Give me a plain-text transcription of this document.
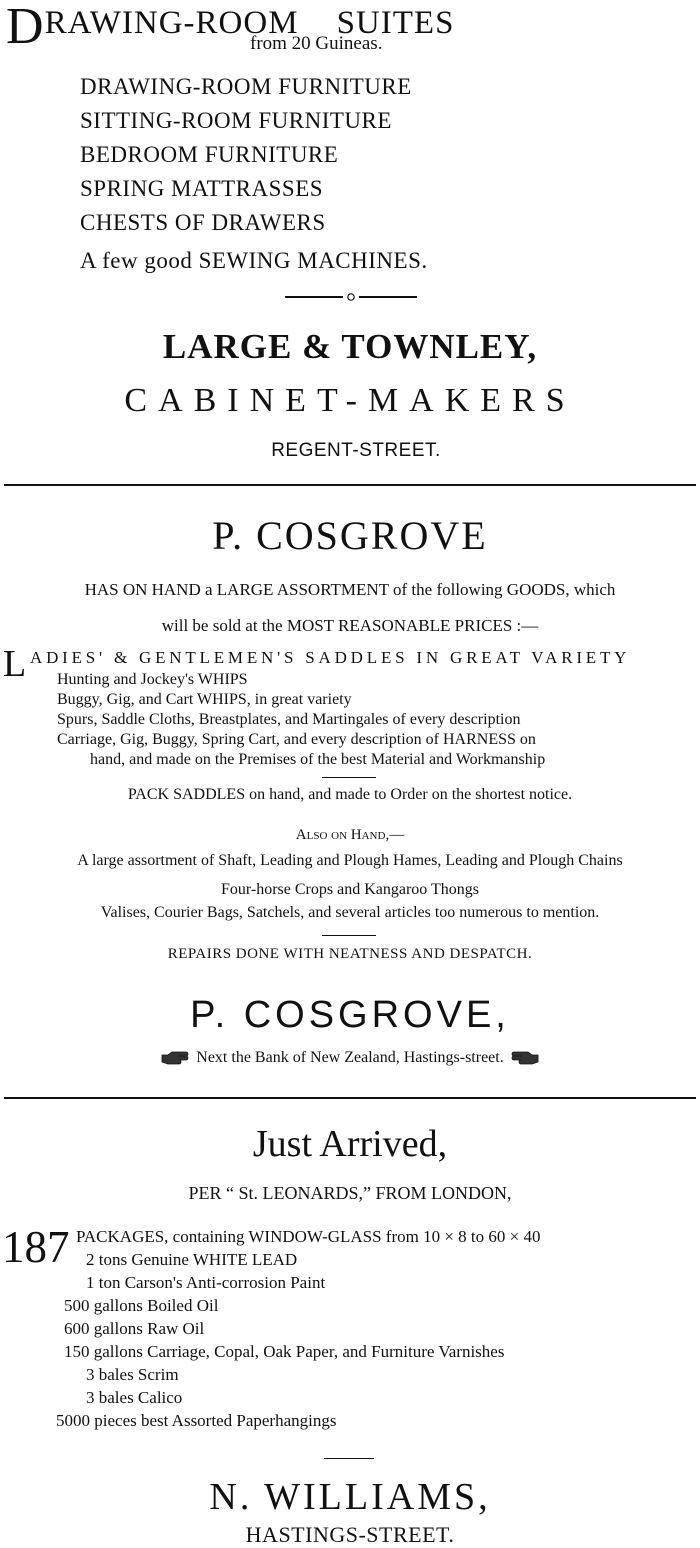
DRAWING-ROOM SUITES
from 20 Guineas.
DRAWING-ROOM FURNITURE
SITTING-ROOM FURNITURE
BEDROOM FURNITURE
SPRING MATTRASSES
CHESTS OF DRAWERS
A few good SEWING MACHINES.
LARGE & TOWNLEY,
CABINET-MAKERS
REGENT-STREET.
P. COSGROVE
HAS ON HAND a LARGE ASSORTMENT of the following GOODS, which
will be sold at the MOST REASONABLE PRICES :—
L ADIES' & GENTLEMEN'S SADDLES IN GREAT VARIETY
Hunting and Jockey's WHIPS
Buggy, Gig, and Cart WHIPS, in great variety
Spurs, Saddle Cloths, Breastplates, and Martingales of every description
Carriage, Gig, Buggy, Spring Cart, and every description of HARNESS on
hand, and made on the Premises of the best Material and Workmanship
PACK SADDLES on hand, and made to Order on the shortest notice.
Also on Hand,—
A large assortment of Shaft, Leading and Plough Hames, Leading and Plough Chains
Four-horse Crops and Kangaroo Thongs
Valises, Courier Bags, Satchels, and several articles too numerous to mention.
REPAIRS DONE WITH NEATNESS AND DESPATCH.
P. COSGROVE,
Next the Bank of New Zealand, Hastings-street.
Just Arrived,
PER “ St. LEONARDS,” FROM LONDON,
187 PACKAGES, containing WINDOW-GLASS from 10 × 8 to 60 × 40
2 tons Genuine WHITE LEAD
1 ton Carson's Anti-corrosion Paint
500 gallons Boiled Oil
600 gallons Raw Oil
150 gallons Carriage, Copal, Oak Paper, and Furniture Varnishes
3 bales Scrim
3 bales Calico
5000 pieces best Assorted Paperhangings
N. WILLIAMS,
HASTINGS-STREET.
